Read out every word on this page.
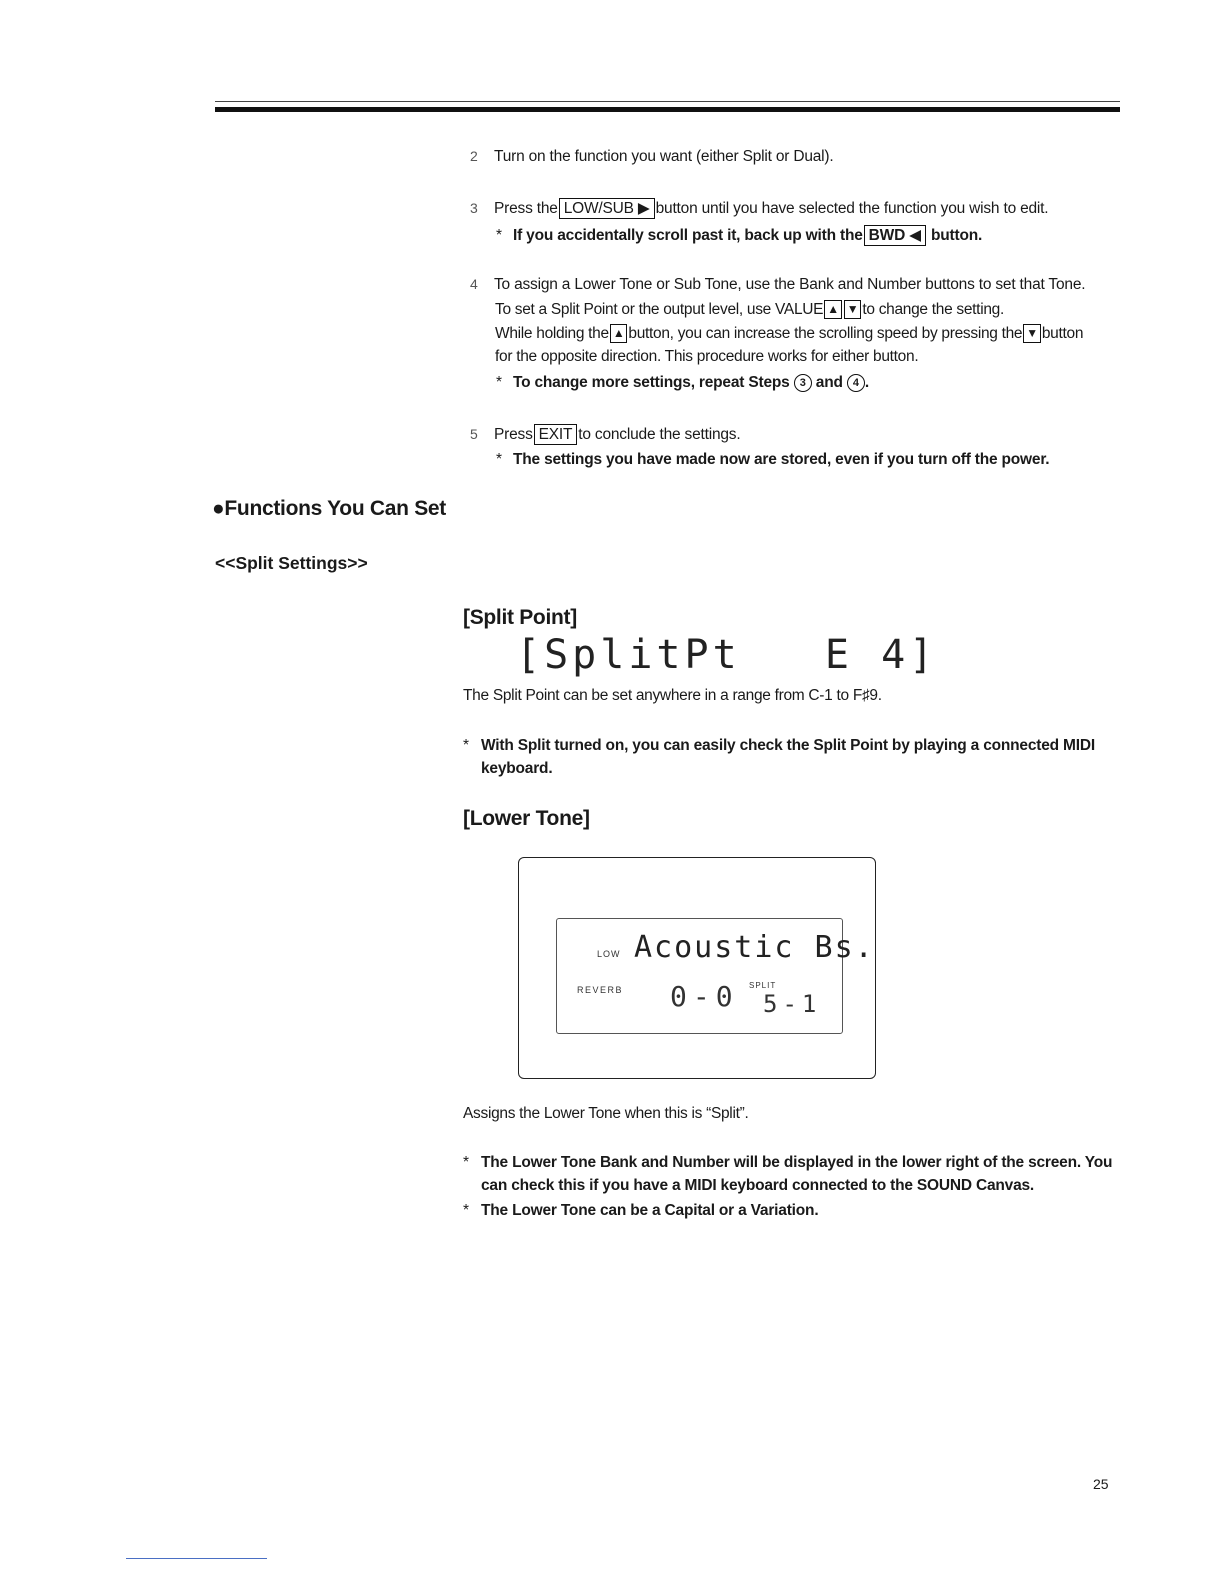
2 Turn on the function you want (either Split or Dual).
3 Press the LOW/SUB ▶ button until you have selected the function you wish to edit.
* If you accidentally scroll past it, back up with the BWD ◀ button.
4 To assign a Lower Tone or Sub Tone, use the Bank and Number buttons to set that Tone.
To set a Split Point or the output level, use VALUE ▲ ▼ to change the setting.
While holding the ▲ button, you can increase the scrolling speed by pressing the ▼ button
for the opposite direction. This procedure works for either button.
* To change more settings, repeat Steps 3 and 4 .
5 Press EXIT to conclude the settings.
* The settings you have made now are stored, even if you turn off the power.
●Functions You Can Set
<<Split Settings>>
[Split Point]
[SplitPt   E 4]
The Split Point can be set anywhere in a range from C-1 to F♯9.
* With Split turned on, you can easily check the Split Point by playing a connected MIDI
keyboard.
[Lower Tone]
LOW Acoustic Bs.
REVERB	SPLIT
0-0 5-1
Assigns the Lower Tone when this is “Split”.
* The Lower Tone Bank and Number will be displayed in the lower right of the screen. You
can check this if you have a MIDI keyboard connected to the SOUND Canvas.
* The Lower Tone can be a Capital or a Variation.
25
